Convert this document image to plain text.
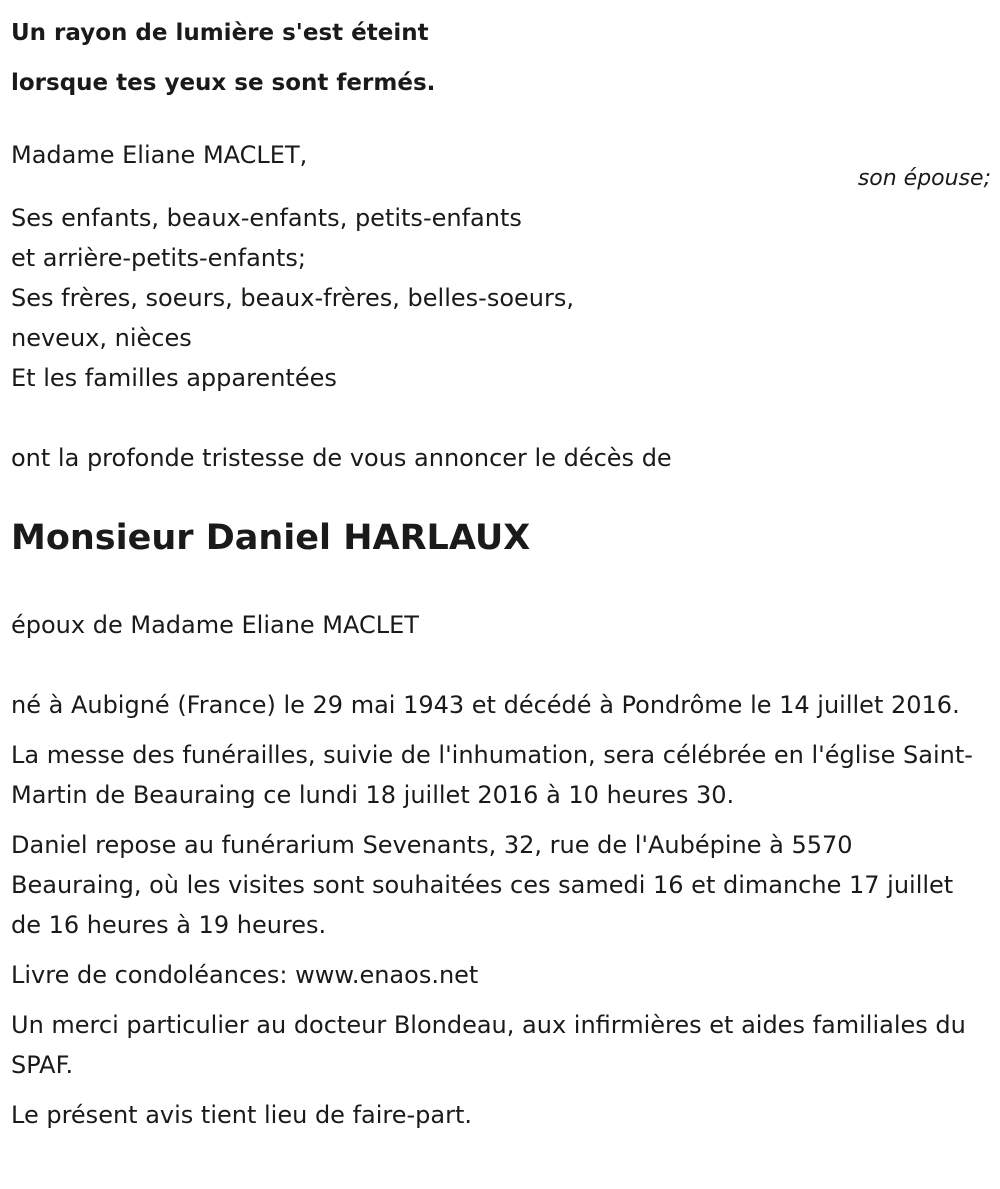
Un rayon de lumière s'est éteint
lorsque tes yeux se sont fermés.
Madame Eliane MACLET,
son épouse;

Ses enfants, beaux-enfants, petits-enfants
et arrière-petits-enfants;
Ses frères, soeurs, beaux-frères, belles-soeurs,
neveux, nièces
Et les familles apparentées

ont la profonde tristesse de vous annoncer le décès de
Monsieur Daniel HARLAUX
époux de Madame Eliane MACLET

né à Aubigné (France) le 29 mai 1943 et décédé à Pondrôme le 14 juillet 2016.

La messe des funérailles, suivie de l'inhumation, sera célébrée en l'église Saint-Martin de Beauraing ce lundi 18 juillet 2016 à 10 heures 30.

Daniel repose au funérarium Sevenants, 32, rue de l'Aubépine à 5570 Beauraing, où les visites sont souhaitées ces samedi 16 et dimanche 17 juillet de 16 heures à 19 heures.

Livre de condoléances: www.enaos.net

Un merci particulier au docteur Blondeau, aux infirmières et aides familiales du SPAF.

Le présent avis tient lieu de faire-part.
